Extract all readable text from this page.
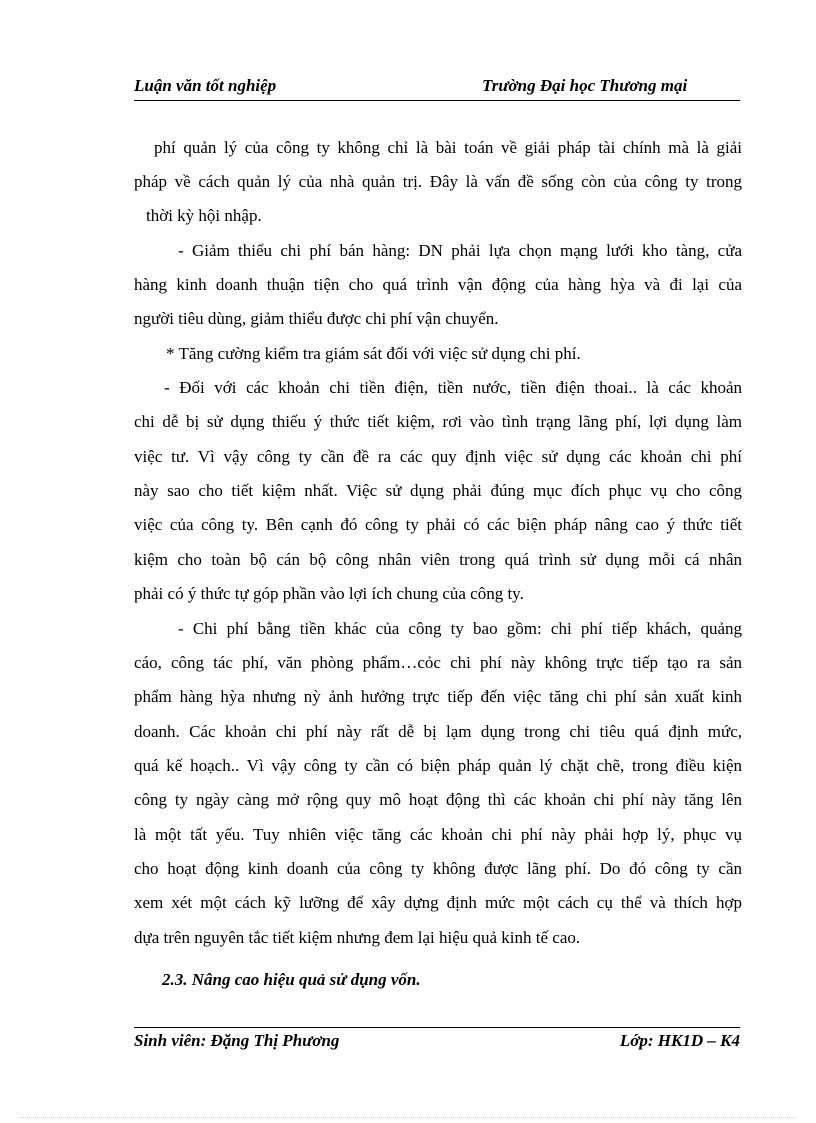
Luận văn tốt nghiệp	Trường Đại học Thương mại
phí quản lý của công ty không chỉ là bài toán về giải pháp tài chính mà là giải
pháp về cách quản lý của nhà quản trị. Đây là vấn đề sống còn của công ty trong
thời kỳ hội nhập.
- Giảm thiểu chi phí bán hàng: DN phải lựa chọn mạng lưới kho tàng, cửa
hàng kinh doanh thuận tiện cho quá trình vận động của hàng hỳa và đi lại của
người tiêu dùng, giảm thiểu được chi phí vận chuyển.
* Tăng cường kiểm tra giám sát đối với việc sử dụng chi phí.
- Đối với các khoản chi tiền điện, tiền nước, tiền điện thoai.. là các khoản
chi dễ bị sử dụng thiếu ý thức tiết kiệm, rơi vào tình trạng lãng phí, lợi dụng làm
việc tư. Vì vậy công ty cần đề ra các quy định việc sử dụng các khoản chi phí
này sao cho tiết kiệm nhất. Việc sử dụng phải đúng mục đích phục vụ cho công
việc của công ty. Bên cạnh đó công ty phải có các biện pháp nâng cao ý thức tiết
kiệm cho toàn bộ cán bộ công nhân viên trong quá trình sử dụng mỗi cá nhân
phải có ý thức tự góp phần vào lợi ích chung của công ty.
- Chi phí bằng tiền khác của công ty bao gồm: chi phí tiếp khách, quảng
cáo, công tác phí, văn phòng phẩm…cỏc chi phí này không trực tiếp tạo ra sản
phẩm hàng hỳa nhưng nỳ ảnh hưởng trực tiếp đến việc tăng chi phí sản xuất kinh
doanh. Các khoản chi phí này rất dễ bị lạm dụng trong chi tiêu quá định mức,
quá kế hoạch.. Vì vậy công ty cần có biện pháp quản lý chặt chẽ, trong điều kiện
công ty ngày càng mở rộng quy mô hoạt động thì các khoản chi phí này tăng lên
là một tất yếu. Tuy nhiên việc tăng các khoản chi phí này phải hợp lý, phục vụ
cho hoạt động kinh doanh của công ty không được lãng phí. Do đó công ty cần
xem xét một cách kỹ lưỡng để xây dựng định mức một cách cụ thể và thích hợp
dựa trên nguyên tắc tiết kiệm nhưng đem lại hiệu quả kinh tế cao.
2.3. Nâng cao hiệu quả sử dụng vốn.
Sinh viên: Đặng Thị Phương	Lớp: HK1D – K4
